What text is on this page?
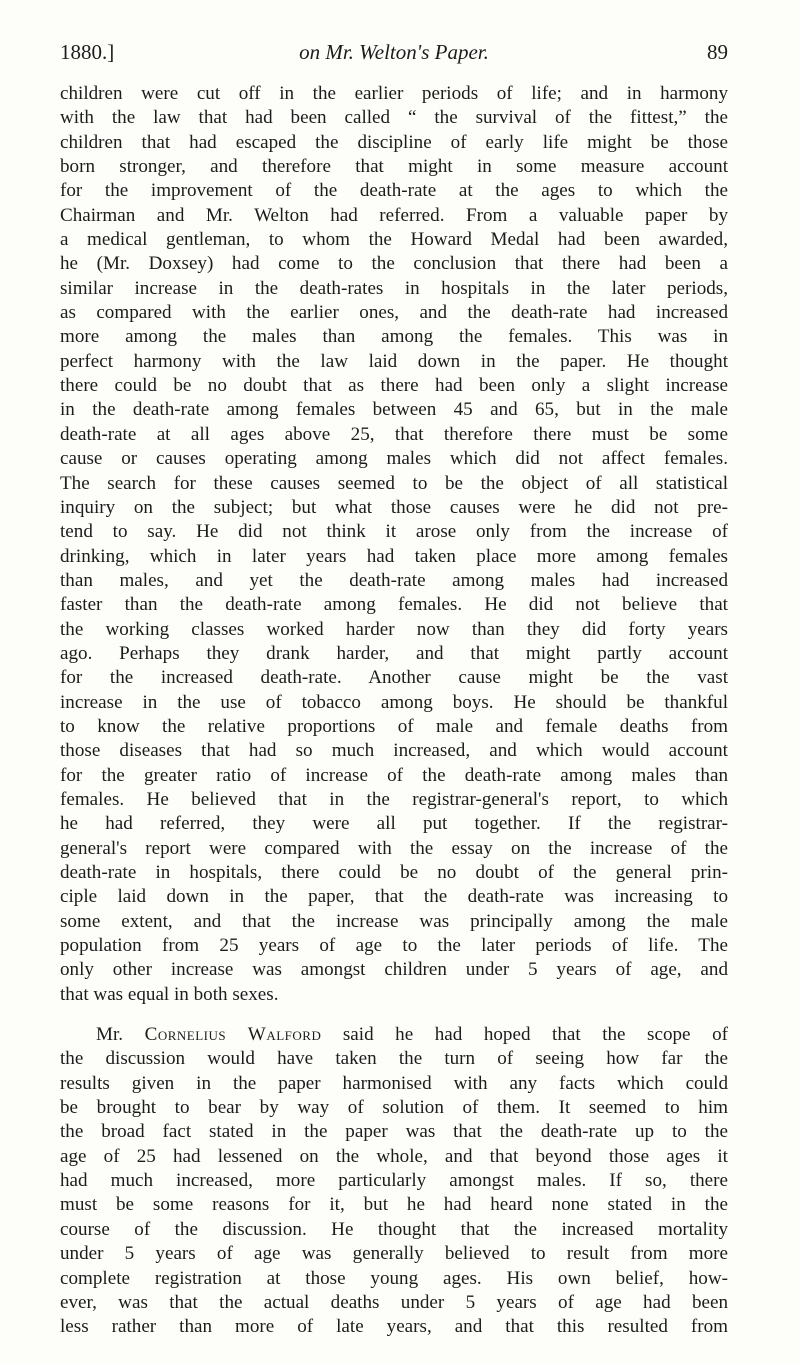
1880.]	on Mr. Welton's Paper.	89

children were cut off in the earlier periods of life; and in harmony

with the law that had been called “ the survival of the fittest,” the

children that had escaped the discipline of early life might be those

born stronger, and therefore that might in some measure account

for the improvement of the death-rate at the ages to which the

Chairman and Mr. Welton had referred. From a valuable paper by

a medical gentleman, to whom the Howard Medal had been awarded,

he (Mr. Doxsey) had come to the conclusion that there had been a

similar increase in the death-rates in hospitals in the later periods,

as compared with the earlier ones, and the death-rate had increased

more among the males than among the females. This was in

perfect harmony with the law laid down in the paper. He thought

there could be no doubt that as there had been only a slight increase

in the death-rate among females between 45 and 65, but in the male

death-rate at all ages above 25, that therefore there must be some

cause or causes operating among males which did not affect females.

The search for these causes seemed to be the object of all statistical

inquiry on the subject; but what those causes were he did not pre-

tend to say. He did not think it arose only from the increase of

drinking, which in later years had taken place more among females

than males, and yet the death-rate among males had increased

faster than the death-rate among females. He did not believe that

the working classes worked harder now than they did forty years

ago. Perhaps they drank harder, and that might partly account

for the increased death-rate. Another cause might be the vast

increase in the use of tobacco among boys. He should be thankful

to know the relative proportions of male and female deaths from

those diseases that had so much increased, and which would account

for the greater ratio of increase of the death-rate among males than

females. He believed that in the registrar-general's report, to which

he had referred, they were all put together. If the registrar-

general's report were compared with the essay on the increase of the

death-rate in hospitals, there could be no doubt of the general prin-

ciple laid down in the paper, that the death-rate was increasing to

some extent, and that the increase was principally among the male

population from 25 years of age to the later periods of life. The

only other increase was amongst children under 5 years of age, and

that was equal in both sexes.

Mr. Cornelius Walford said he had hoped that the scope of

the discussion would have taken the turn of seeing how far the

results given in the paper harmonised with any facts which could

be brought to bear by way of solution of them. It seemed to him

the broad fact stated in the paper was that the death-rate up to the

age of 25 had lessened on the whole, and that beyond those ages it

had much increased, more particularly amongst males. If so, there

must be some reasons for it, but he had heard none stated in the

course of the discussion. He thought that the increased mortality

under 5 years of age was generally believed to result from more

complete registration at those young ages. His own belief, how-

ever, was that the actual deaths under 5 years of age had been

less rather than more of late years, and that this resulted from
